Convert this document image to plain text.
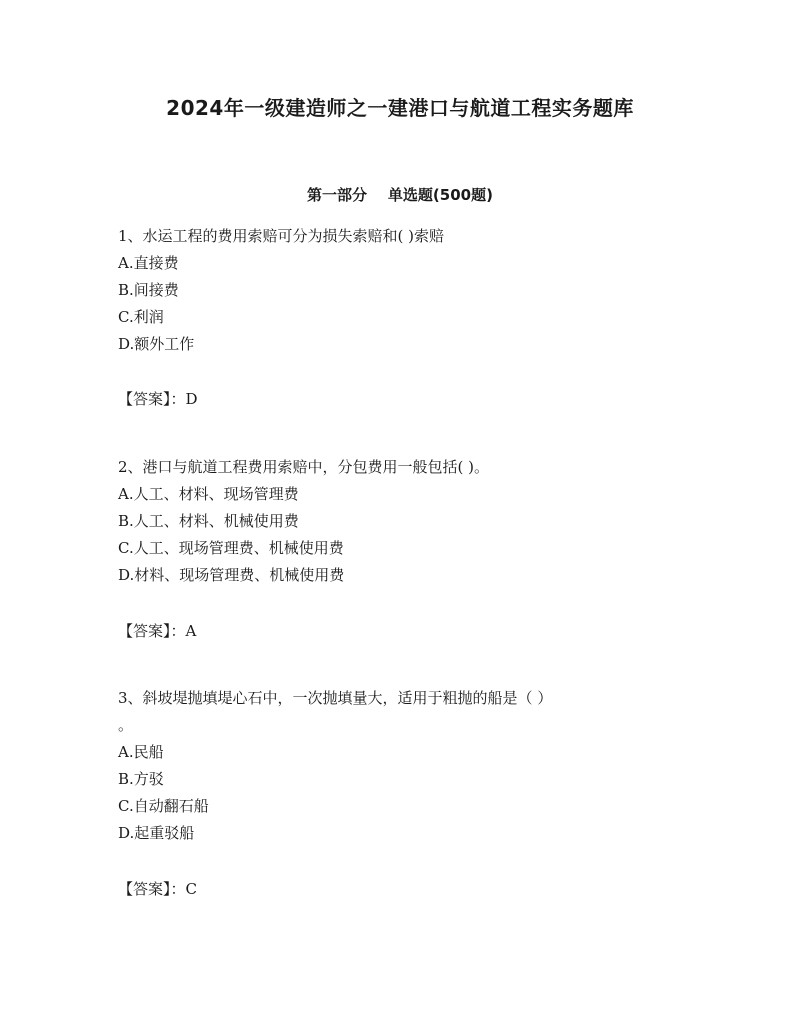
2024年一级建造师之一建港口与航道工程实务题库
第一部分    单选题(500题)
1、水运工程的费用索赔可分为损失索赔和( )索赔
A.直接费
B.间接费
C.利润
D.额外工作
【答案】：D
2、港口与航道工程费用索赔中，分包费用一般包括( )。
A.人工、材料、现场管理费
B.人工、材料、机械使用费
C.人工、现场管理费、机械使用费
D.材料、现场管理费、机械使用费
【答案】：A
3、斜坡堤抛填堤心石中，一次抛填量大，适用于粗抛的船是（ ）
。
A.民船
B.方驳
C.自动翻石船
D.起重驳船
【答案】：C
